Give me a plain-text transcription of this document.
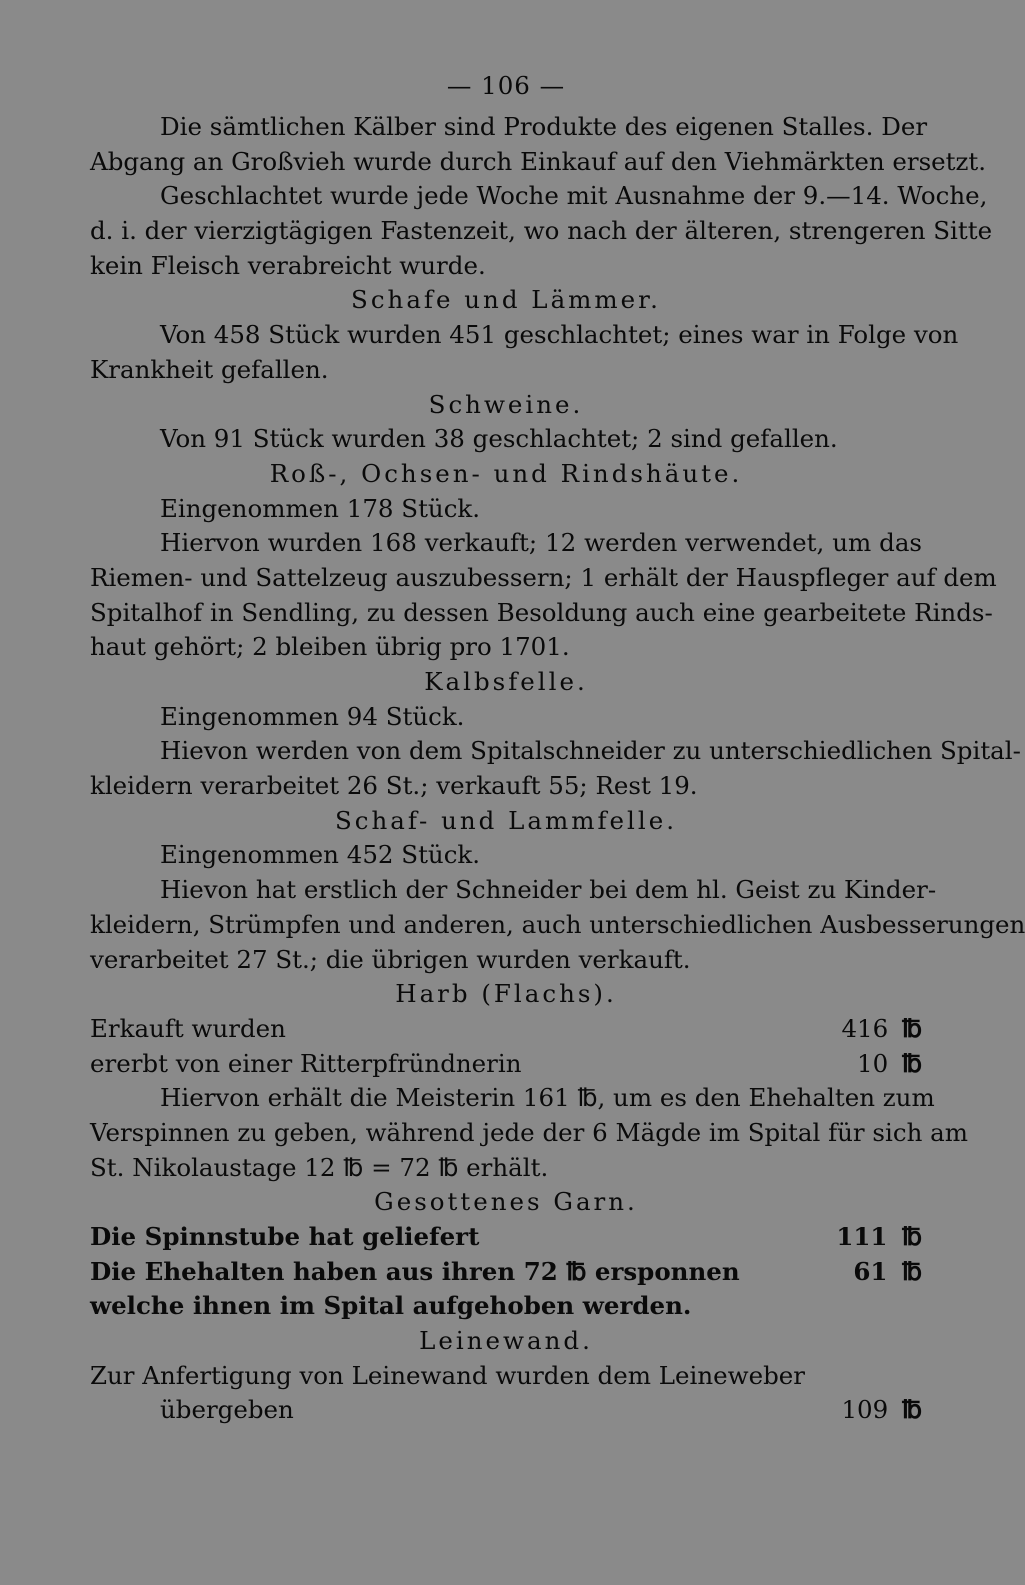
— 106 —
Die sämtlichen Kälber sind Produkte des eigenen Stalles. Der
Abgang an Großvieh wurde durch Einkauf auf den Viehmärkten ersetzt.
Geschlachtet wurde jede Woche mit Ausnahme der 9.—14. Woche,
d. i. der vierzigtägigen Fastenzeit, wo nach der älteren, strengeren Sitte
kein Fleisch verabreicht wurde.
Schafe und Lämmer.
Von 458 Stück wurden 451 geschlachtet; eines war in Folge von
Krankheit gefallen.
Schweine.
Von 91 Stück wurden 38 geschlachtet; 2 sind gefallen.
Roß-, Ochsen- und Rindshäute.
Eingenommen 178 Stück.
Hiervon wurden 168 verkauft; 12 werden verwendet, um das
Riemen- und Sattelzeug auszubessern; 1 erhält der Hauspfleger auf dem
Spitalhof in Sendling, zu dessen Besoldung auch eine gearbeitete Rinds-
haut gehört; 2 bleiben übrig pro 1701.
Kalbsfelle.
Eingenommen 94 Stück.
Hievon werden von dem Spitalschneider zu unterschiedlichen Spital-
kleidern verarbeitet 26 St.; verkauft 55; Rest 19.
Schaf- und Lammfelle.
Eingenommen 452 Stück.
Hievon hat erstlich der Schneider bei dem hl. Geist zu Kinder-
kleidern, Strümpfen und anderen, auch unterschiedlichen Ausbesserungen
verarbeitet 27 St.; die übrigen wurden verkauft.
Harb (Flachs).
Erkauft wurden	416 ℔
ererbt von einer Ritterpfründnerin	10 ℔
Hiervon erhält die Meisterin 161 ℔, um es den Ehehalten zum
Verspinnen zu geben, während jede der 6 Mägde im Spital für sich am
St. Nikolaustage 12 ℔ = 72 ℔ erhält.
Gesottenes Garn.
Die Spinnstube hat geliefert	111 ℔
Die Ehehalten haben aus ihren 72 ℔ ersponnen	61 ℔
welche ihnen im Spital aufgehoben werden.
Leinewand.
Zur Anfertigung von Leinewand wurden dem Leineweber
übergeben	109 ℔
